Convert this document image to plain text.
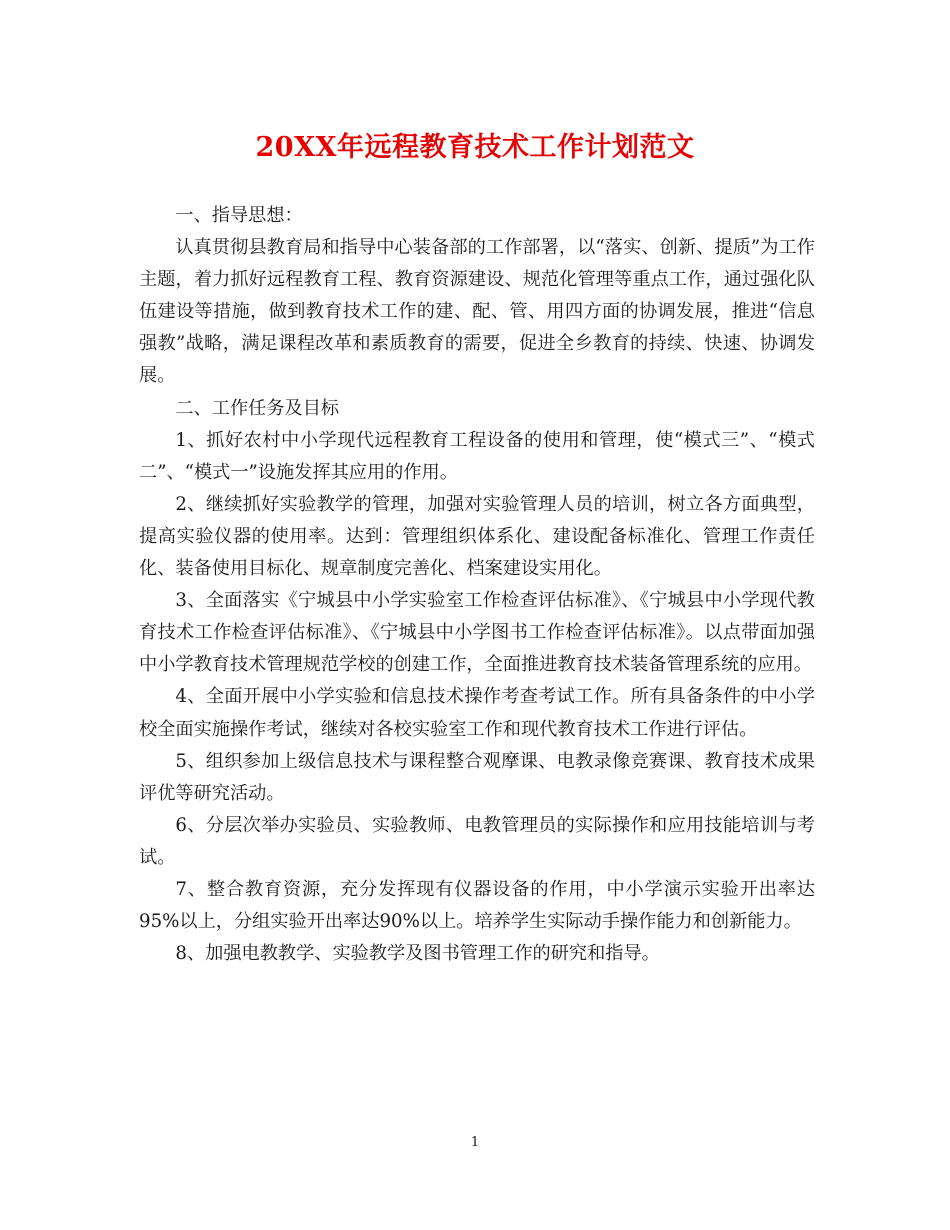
20XX年远程教育技术工作计划范文

一、指导思想：

认真贯彻县教育局和指导中心装备部的工作部署，以“落实、创新、提质”为工作主题，着力抓好远程教育工程、教育资源建设、规范化管理等重点工作，通过强化队伍建设等措施，做到教育技术工作的建、配、管、用四方面的协调发展，推进“信息强教”战略，满足课程改革和素质教育的需要，促进全乡教育的持续、快速、协调发展。

二、工作任务及目标

1、抓好农村中小学现代远程教育工程设备的使用和管理，使“模式三”、“模式二”、“模式一”设施发挥其应用的作用。

2、继续抓好实验教学的管理，加强对实验管理人员的培训，树立各方面典型，提高实验仪器的使用率。达到：管理组织体系化、建设配备标准化、管理工作责任化、装备使用目标化、规章制度完善化、档案建设实用化。

3、全面落实《宁城县中小学实验室工作检查评估标准》、《宁城县中小学现代教育技术工作检查评估标准》、《宁城县中小学图书工作检查评估标准》。以点带面加强中小学教育技术管理规范学校的创建工作，全面推进教育技术装备管理系统的应用。

4、全面开展中小学实验和信息技术操作考查考试工作。所有具备条件的中小学校全面实施操作考试，继续对各校实验室工作和现代教育技术工作进行评估。

5、组织参加上级信息技术与课程整合观摩课、电教录像竞赛课、教育技术成果评优等研究活动。

6、分层次举办实验员、实验教师、电教管理员的实际操作和应用技能培训与考试。

7、整合教育资源，充分发挥现有仪器设备的作用，中小学演示实验开出率达95%以上，分组实验开出率达90%以上。培养学生实际动手操作能力和创新能力。

8、加强电教教学、实验教学及图书管理工作的研究和指导。

1
